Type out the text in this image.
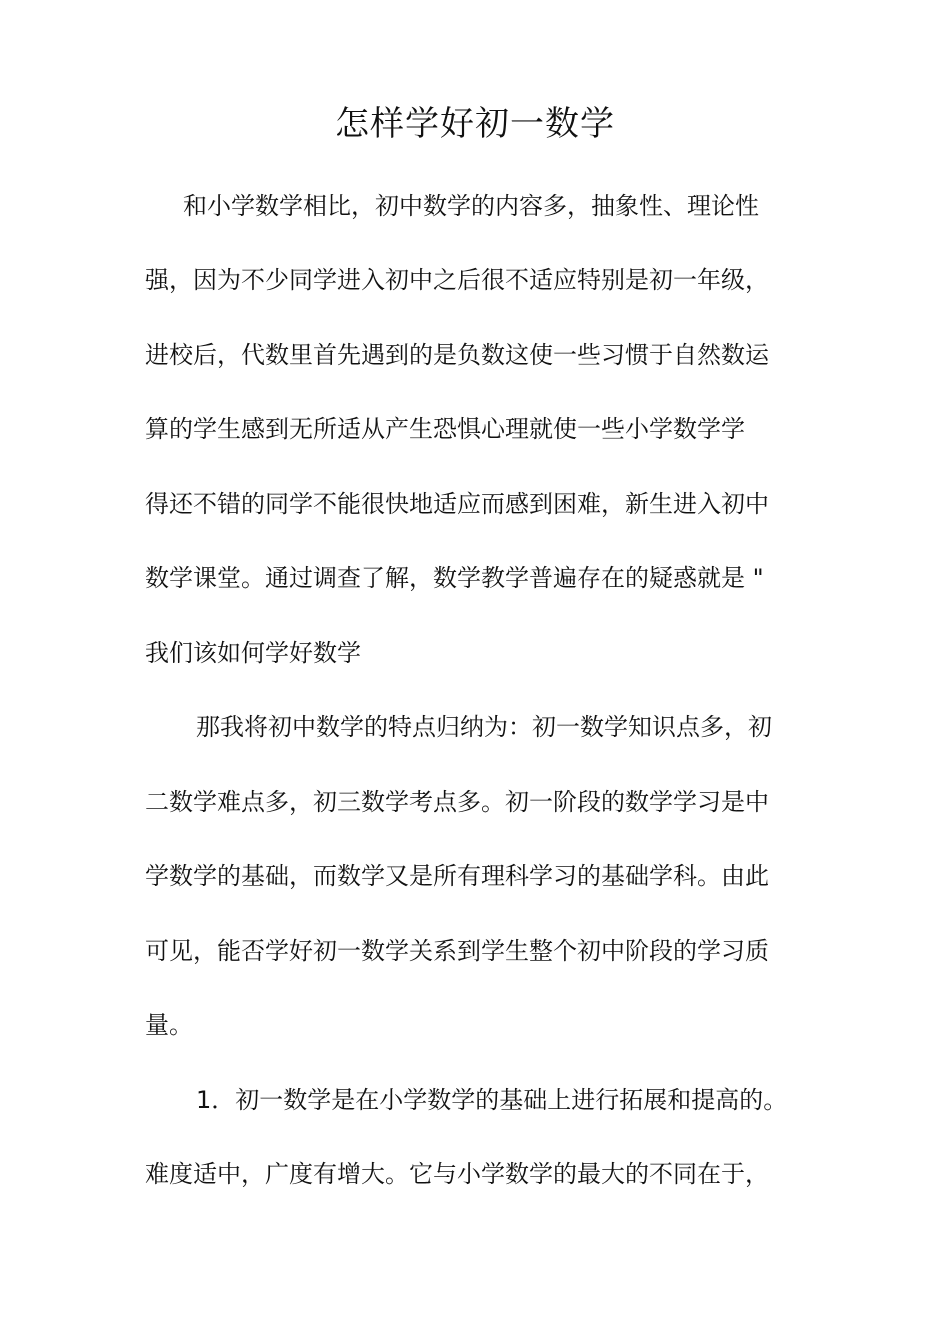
怎样学好初一数学

和小学数学相比，初中数学的内容多，抽象性、理论性

强，因为不少同学进入初中之后很不适应特别是初一年级，

进校后，代数里首先遇到的是负数这使一些习惯于自然数运

算的学生感到无所适从产生恐惧心理就使一些小学数学学

得还不错的同学不能很快地适应而感到困难，新生进入初中

数学课堂。通过调查了解，数学教学普遍存在的疑惑就是 "

我们该如何学好数学

那我将初中数学的特点归纳为：初一数学知识点多，初

二数学难点多，初三数学考点多。初一阶段的数学学习是中

学数学的基础，而数学又是所有理科学习的基础学科。由此

可见，能否学好初一数学关系到学生整个初中阶段的学习质

量。

1．初一数学是在小学数学的基础上进行拓展和提高的。

难度适中，广度有增大。它与小学数学的最大的不同在于，
